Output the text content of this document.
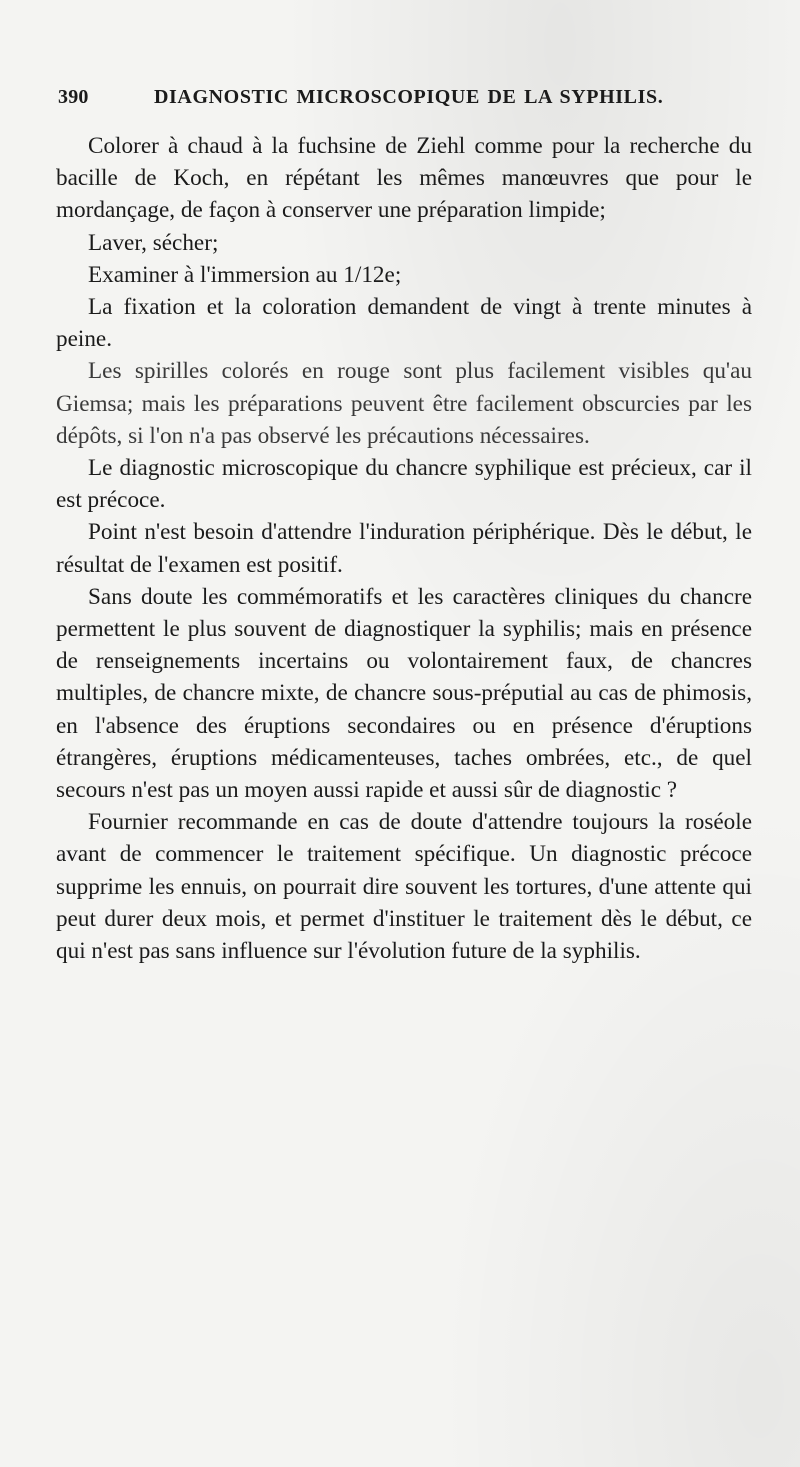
390	DIAGNOSTIC MICROSCOPIQUE DE LA SYPHILIS.

Colorer à chaud à la fuchsine de Ziehl comme pour la recherche du bacille de Koch, en répétant les mêmes manœuvres que pour le mordançage, de façon à conserver une préparation limpide;

Laver, sécher;

Examiner à l'immersion au 1/12e;

La fixation et la coloration demandent de vingt à trente minutes à peine.

Les spirilles colorés en rouge sont plus facilement visibles qu'au Giemsa; mais les préparations peuvent être facilement obscurcies par les dépôts, si l'on n'a pas observé les précautions nécessaires.

Le diagnostic microscopique du chancre syphilique est précieux, car il est précoce.

Point n'est besoin d'attendre l'induration périphérique. Dès le début, le résultat de l'examen est positif.

Sans doute les commémoratifs et les caractères cliniques du chancre permettent le plus souvent de diagnostiquer la syphilis; mais en présence de renseignements incertains ou volontairement faux, de chancres multiples, de chancre mixte, de chancre sous-préputial au cas de phimosis, en l'absence des éruptions secondaires ou en présence d'éruptions étrangères, éruptions médicamenteuses, taches ombrées, etc., de quel secours n'est pas un moyen aussi rapide et aussi sûr de diagnostic ?

Fournier recommande en cas de doute d'attendre toujours la roséole avant de commencer le traitement spécifique. Un diagnostic précoce supprime les ennuis, on pourrait dire souvent les tortures, d'une attente qui peut durer deux mois, et permet d'instituer le traitement dès le début, ce qui n'est pas sans influence sur l'évolution future de la syphilis.
